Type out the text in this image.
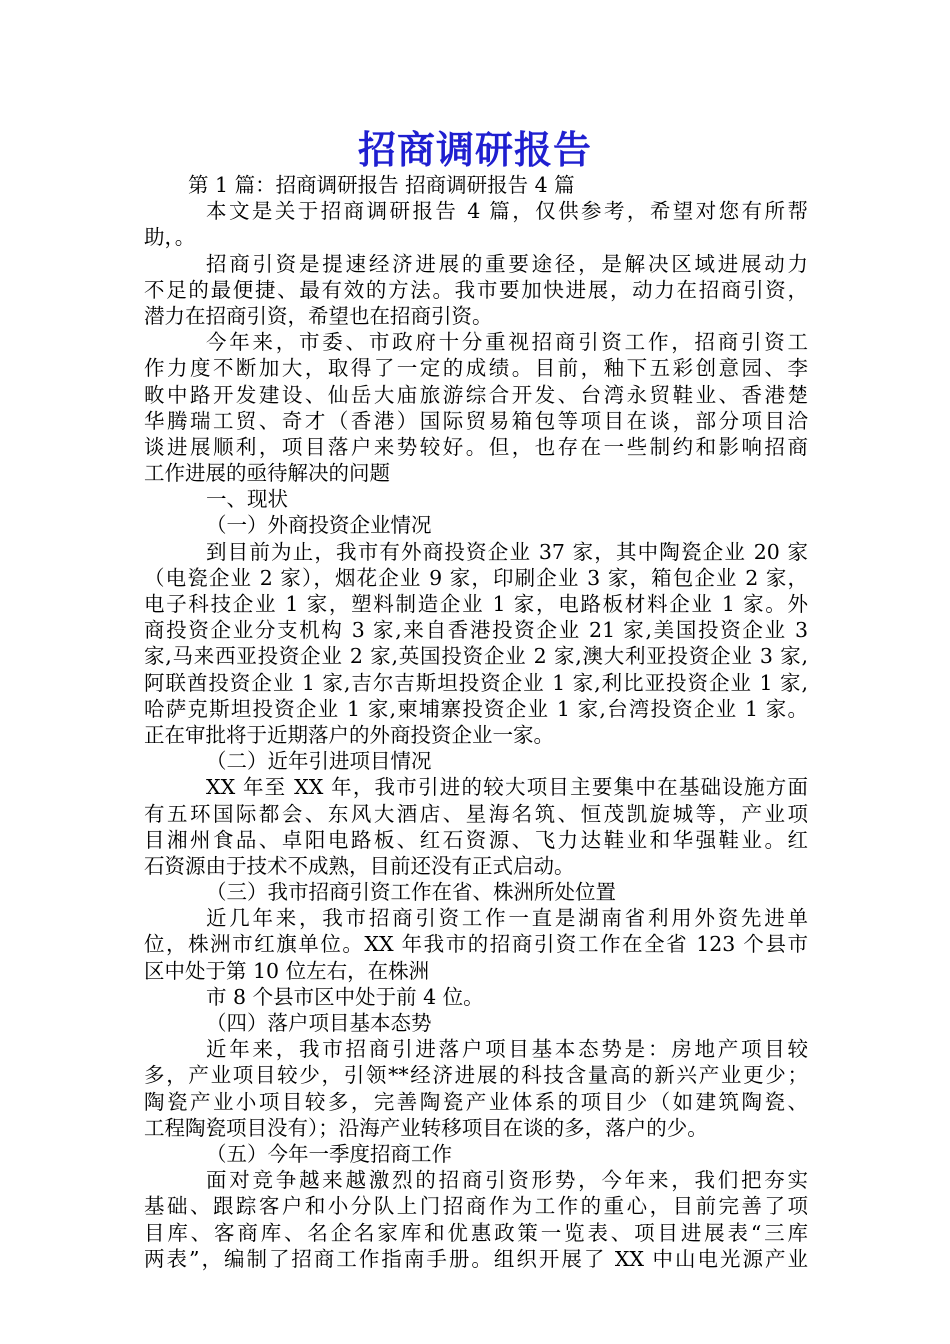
招商调研报告
第 1 篇：招商调研报告 招商调研报告 4 篇
本文是关于招商调研报告 4 篇，仅供参考，希望对您有所帮
助，。
招商引资是提速经济进展的重要途径，是解决区域进展动力
不足的最便捷、最有效的方法。我市要加快进展，动力在招商引资，
潜力在招商引资，希望也在招商引资。
今年来，市委、市政府十分重视招商引资工作，招商引资工
作力度不断加大，取得了一定的成绩。目前，釉下五彩创意园、李
畋中路开发建设、仙岳大庙旅游综合开发、台湾永贸鞋业、香港楚
华腾瑞工贸、奇才（香港）国际贸易箱包等项目在谈，部分项目洽
谈进展顺利，项目落户来势较好。但，也存在一些制约和影响招商
工作进展的亟待解决的问题
一、现状
（一）外商投资企业情况
到目前为止，我市有外商投资企业 37 家，其中陶瓷企业 20 家
（电瓷企业 2 家），烟花企业 9 家，印刷企业 3 家，箱包企业 2 家，
电子科技企业 1 家，塑料制造企业 1 家，电路板材料企业 1 家。外
商投资企业分支机构 3 家,来自香港投资企业 21 家,美国投资企业 3
家,马来西亚投资企业 2 家,英国投资企业 2 家,澳大利亚投资企业 3 家,
阿联酋投资企业 1 家,吉尔吉斯坦投资企业 1 家,利比亚投资企业 1 家,
哈萨克斯坦投资企业 1 家,柬埔寨投资企业 1 家,台湾投资企业 1 家。
正在审批将于近期落户的外商投资企业一家。
（二）近年引进项目情况
XX 年至 XX 年，我市引进的较大项目主要集中在基础设施方面
有五环国际都会、东风大酒店、星海名筑、恒茂凯旋城等，产业项
目湘州食品、卓阳电路板、红石资源、飞力达鞋业和华强鞋业。红
石资源由于技术不成熟，目前还没有正式启动。
（三）我市招商引资工作在省、株洲所处位置
近几年来，我市招商引资工作一直是湖南省利用外资先进单
位，株洲市红旗单位。XX 年我市的招商引资工作在全省 123 个县市
区中处于第 10 位左右，在株洲
市 8 个县市区中处于前 4 位。
（四）落户项目基本态势
近年来，我市招商引进落户项目基本态势是：房地产项目较
多，产业项目较少，引领**经济进展的科技含量高的新兴产业更少；
陶瓷产业小项目较多，完善陶瓷产业体系的项目少（如建筑陶瓷、
工程陶瓷项目没有）；沿海产业转移项目在谈的多，落户的少。
（五）今年一季度招商工作
面对竞争越来越激烈的招商引资形势，今年来，我们把夯实
基础、跟踪客户和小分队上门招商作为工作的重心，目前完善了项
目库、客商库、名企名家库和优惠政策一览表、项目进展表“三库
两表”，编制了招商工作指南手册。组织开展了 XX 中山电光源产业
